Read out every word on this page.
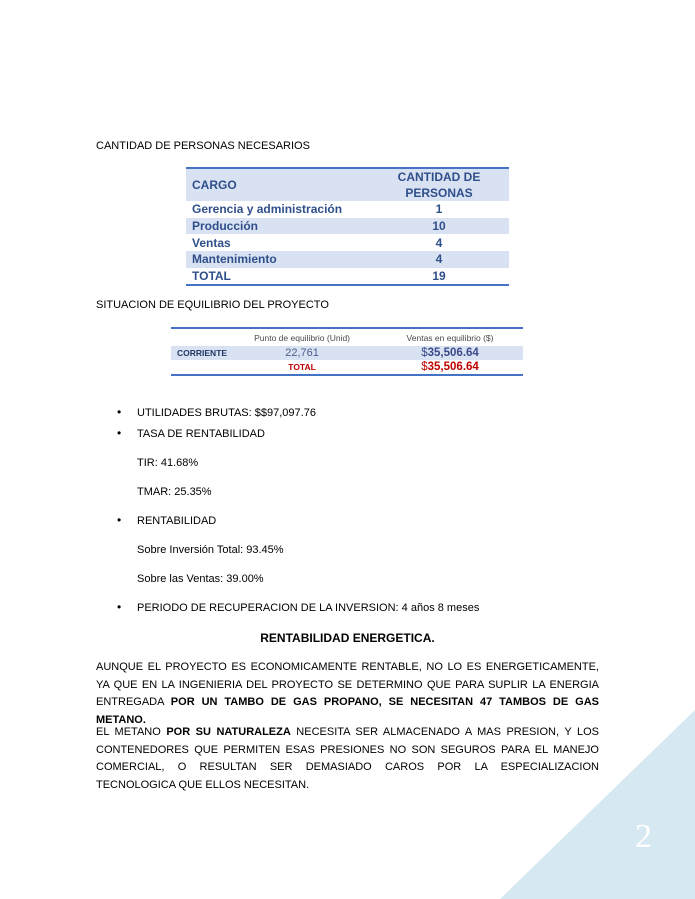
CANTIDAD DE PERSONAS NECESARIOS
CARGO	CANTIDAD DE PERSONAS
Gerencia y administración	1
Producción	10
Ventas	4
Mantenimiento	4
TOTAL	19
SITUACION DE EQUILIBRIO DEL PROYECTO
	Punto de equilibrio (Unid)	Ventas en equilibrio ($)
CORRIENTE	22,761	$35,506.64
	TOTAL	$35,506.64
• UTILIDADES BRUTAS: $$97,097.76
• TASA DE RENTABILIDAD
TIR: 41.68%
TMAR: 25.35%
• RENTABILIDAD
Sobre Inversión Total: 93.45%
Sobre las Ventas: 39.00%
• PERIODO DE RECUPERACION DE LA INVERSION: 4 años 8 meses
RENTABILIDAD ENERGETICA.
AUNQUE EL PROYECTO ES ECONOMICAMENTE RENTABLE, NO LO ES ENERGETICAMENTE, YA QUE EN LA INGENIERIA DEL PROYECTO SE DETERMINO QUE PARA SUPLIR LA ENERGIA ENTREGADA POR UN TAMBO DE GAS PROPANO, SE NECESITAN 47 TAMBOS DE GAS METANO.
EL METANO POR SU NATURALEZA NECESITA SER ALMACENADO A MAS PRESION, Y LOS CONTENEDORES QUE PERMITEN ESAS PRESIONES NO SON SEGUROS PARA EL MANEJO COMERCIAL, O RESULTAN SER DEMASIADO CAROS POR LA ESPECIALIZACION TECNOLOGICA QUE ELLOS NECESITAN.
2
